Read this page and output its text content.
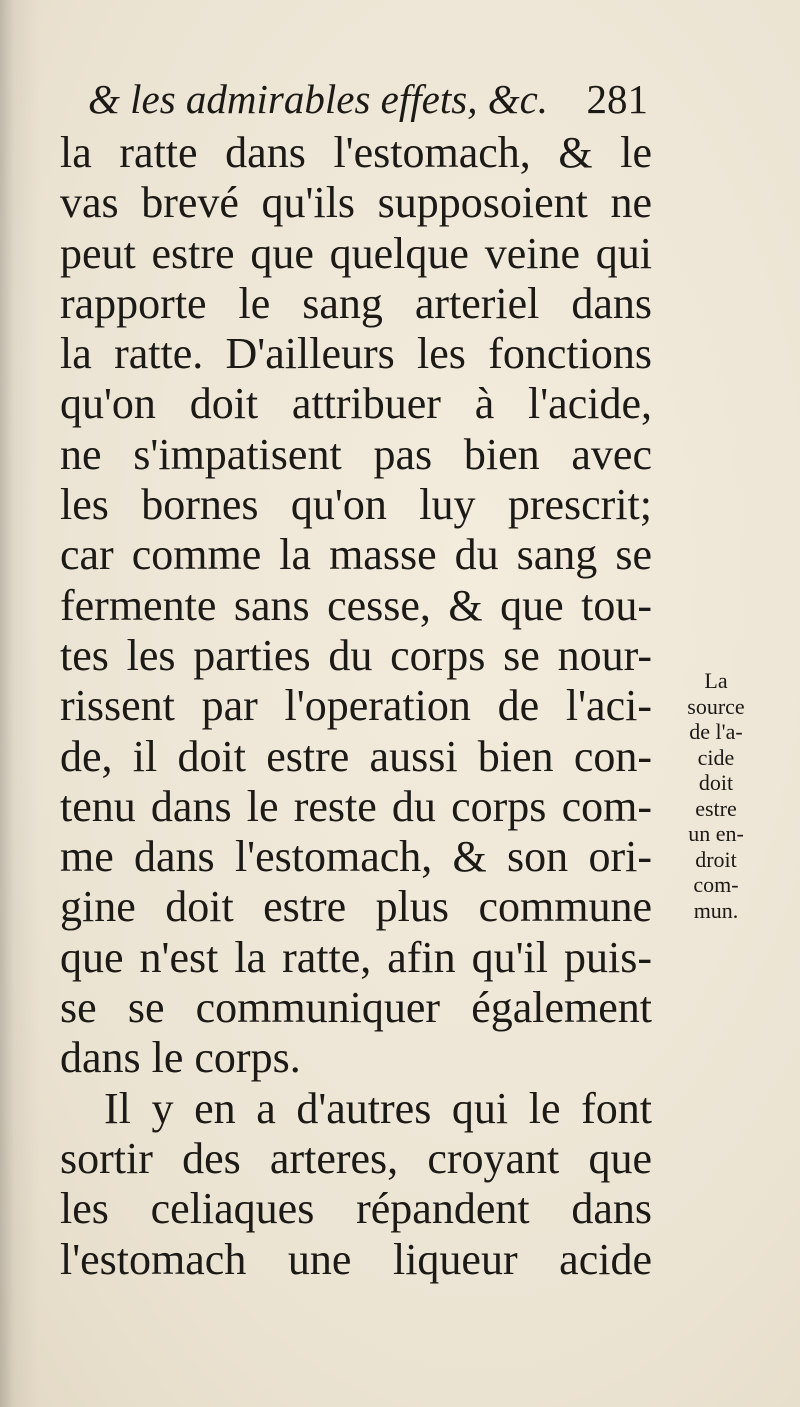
& les admirables effets, &c. 281
la ratte dans l'estomach, & le
vas brevé qu'ils supposoient ne
peut estre que quelque veine qui
rapporte le sang arteriel dans
la ratte. D'ailleurs les fonctions
qu'on doit attribuer à l'acide,
ne s'impatisent pas bien avec
les bornes qu'on luy prescrit;
car comme la masse du sang se
fermente sans cesse, & que tou-
tes les parties du corps se nour-
rissent par l'operation de l'aci-
de, il doit estre aussi bien con-
tenu dans le reste du corps com-
me dans l'estomach, & son ori-
gine doit estre plus commune
que n'est la ratte, afin qu'il puis-
se se communiquer également
dans le corps.
Il y en a d'autres qui le font
sortir des arteres, croyant que
les celiaques répandent dans
l'estomach une liqueur acide
La
source
de l'a-
cide
doit
estre
un en-
droit
com-
mun.
